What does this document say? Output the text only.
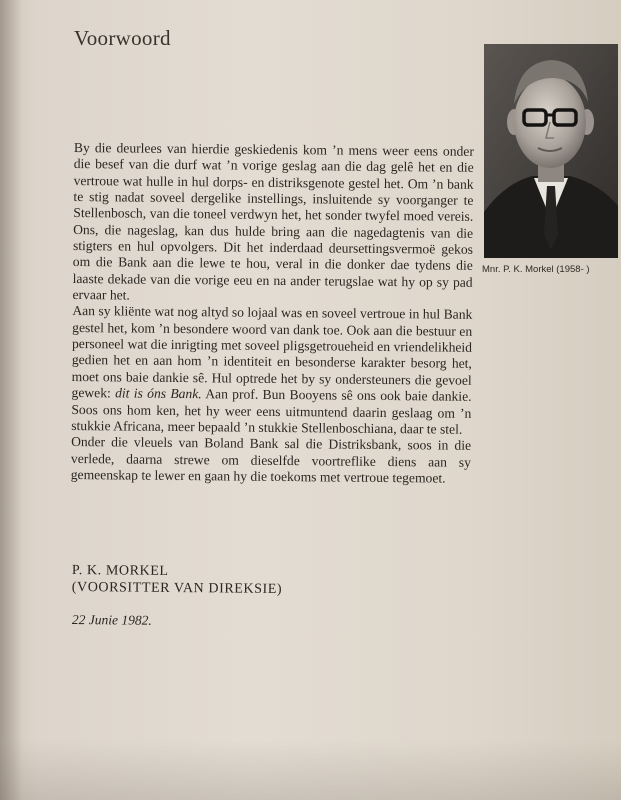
Voorwoord
Mnr. P. K. Morkel (1958- )

By die deurlees van hierdie geskiedenis kom ’n mens weer eens onder die besef van die durf wat ’n vorige geslag aan die dag gelê het en die vertroue wat hulle in hul dorps- en distriksgenote gestel het. Om ’n bank te stig nadat soveel dergelike instellings, insluitende sy voorganger te Stellenbosch, van die toneel verdwyn het, het sonder twyfel moed vereis. Ons, die nageslag, kan dus hulde bring aan die nagedagtenis van die stigters en hul opvolgers. Dit het inderdaad deursettingsvermoë gekos om die Bank aan die lewe te hou, veral in die donker dae tydens die laaste dekade van die vorige eeu en na ander terugslae wat hy op sy pad ervaar het.

Aan sy kliënte wat nog altyd so lojaal was en soveel vertroue in hul Bank gestel het, kom ’n besondere woord van dank toe. Ook aan die bestuur en personeel wat die inrigting met soveel pligsgetroueheid en vriendelikheid gedien het en aan hom ’n identiteit en besonderse karakter besorg het, moet ons baie dankie sê. Hul optrede het by sy ondersteuners die gevoel gewek: dit is óns Bank. Aan prof. Bun Booyens sê ons ook baie dankie. Soos ons hom ken, het hy weer eens uitmuntend daarin geslaag om ’n stukkie Africana, meer bepaald ’n stukkie Stellenboschiana, daar te stel.

Onder die vleuels van Boland Bank sal die Distriksbank, soos in die verlede, daarna strewe om dieselfde voortreflike diens aan sy gemeenskap te lewer en gaan hy die toekoms met vertroue tegemoet.

P. K. MORKEL
(VOORSITTER VAN DIREKSIE)
22 Junie 1982.
